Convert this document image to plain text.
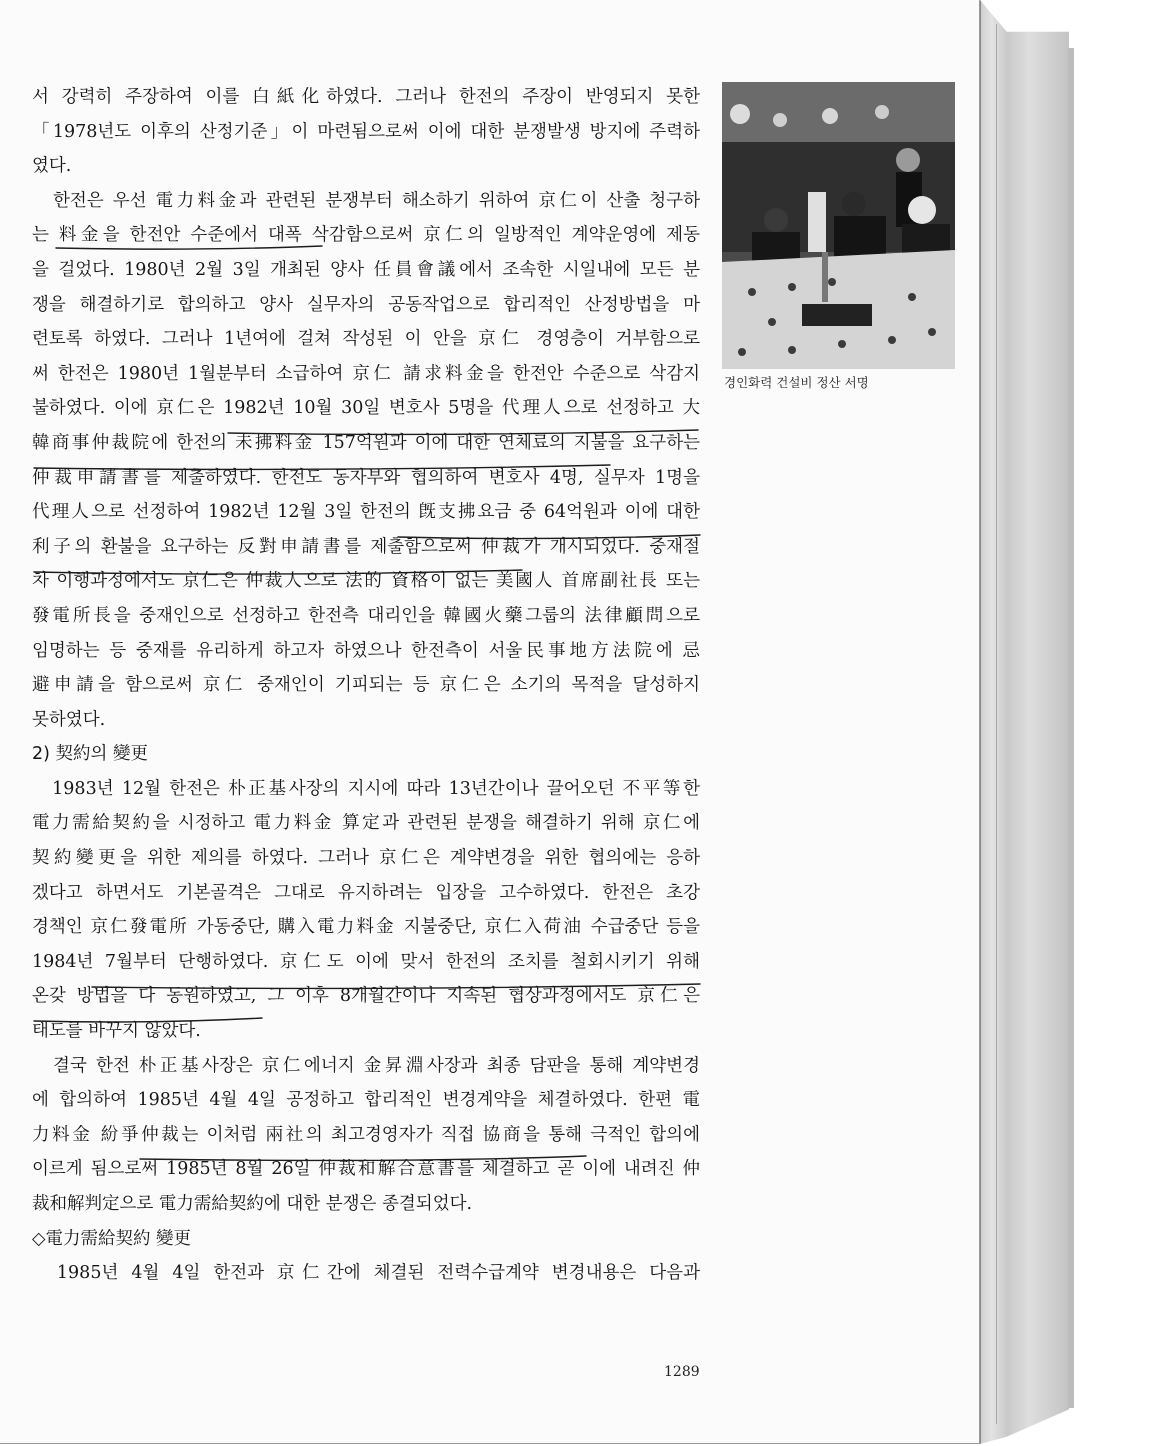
서 강력히 주장하여 이를 白紙化하였다. 그러나 한전의 주장이 반영되지 못한
「1978년도 이후의 산정기준」이 마련됨으로써 이에 대한 분쟁발생 방지에 주력하
였다.
　한전은 우선 電力料金과 관련된 분쟁부터 해소하기 위하여 京仁이 산출 청구하
는 料金을 한전안 수준에서 대폭 삭감함으로써 京仁의 일방적인 계약운영에 제동
을 걸었다. 1980년 2월 3일 개최된 양사 任員會議에서 조속한 시일내에 모든 분
쟁을 해결하기로 합의하고 양사 실무자의 공동작업으로 합리적인 산정방법을 마
련토록 하였다. 그러나 1년여에 걸쳐 작성된 이 안을 京仁 경영층이 거부함으로
써 한전은 1980년 1월분부터 소급하여 京仁 請求料金을 한전안 수준으로 삭감지
불하였다. 이에 京仁은 1982년 10월 30일 변호사 5명을 代理人으로 선정하고 大
韓商事仲裁院에 한전의 未拂料金 157억원과 이에 대한 연체료의 지불을 요구하는
仲裁申請書를 제출하였다. 한전도 동자부와 협의하여 변호사 4명, 실무자 1명을
代理人으로 선정하여 1982년 12월 3일 한전의 旣支拂요금 중 64억원과 이에 대한
利子의 환불을 요구하는 反對申請書를 제출함으로써 仲裁가 개시되었다. 중재절
차 이행과정에서도 京仁은 仲裁人으로 法的 資格이 없는 美國人 首席副社長 또는
發電所長을 중재인으로 선정하고 한전측 대리인을 韓國火藥그룹의 法律顧問으로
임명하는 등 중재를 유리하게 하고자 하였으나 한전측이 서울民事地方法院에 忌
避申請을 함으로써 京仁 중재인이 기피되는 등 京仁은 소기의 목적을 달성하지
못하였다.
2) 契約의 變更
　1983년 12월 한전은 朴正基사장의 지시에 따라 13년간이나 끌어오던 不平等한
電力需給契約을 시정하고 電力料金 算定과 관련된 분쟁을 해결하기 위해 京仁에
契約變更을 위한 제의를 하였다. 그러나 京仁은 계약변경을 위한 협의에는 응하
겠다고 하면서도 기본골격은 그대로 유지하려는 입장을 고수하였다. 한전은 초강
경책인 京仁發電所 가동중단, 購入電力料金 지불중단, 京仁入荷油 수급중단 등을
1984년 7월부터 단행하였다. 京仁도 이에 맞서 한전의 조치를 철회시키기 위해
온갖 방법을 다 동원하였고, 그 이후 8개월간이나 지속된 협상과정에서도 京仁은
태도를 바꾸지 않았다.
　결국 한전 朴正基사장은 京仁에너지 金昇淵사장과 최종 담판을 통해 계약변경
에 합의하여 1985년 4월 4일 공정하고 합리적인 변경계약을 체결하였다. 한편 電
力料金 紛爭仲裁는 이처럼 兩社의 최고경영자가 직접 協商을 통해 극적인 합의에
이르게 됨으로써 1985년 8월 26일 仲裁和解合意書를 체결하고 곧 이에 내려진 仲
裁和解判定으로 電力需給契約에 대한 분쟁은 종결되었다.
◇電力需給契約 變更
　1985년 4월 4일 한전과 京仁간에 체결된 전력수급계약 변경내용은 다음과
경인화력 건설비 정산 서명
1289
